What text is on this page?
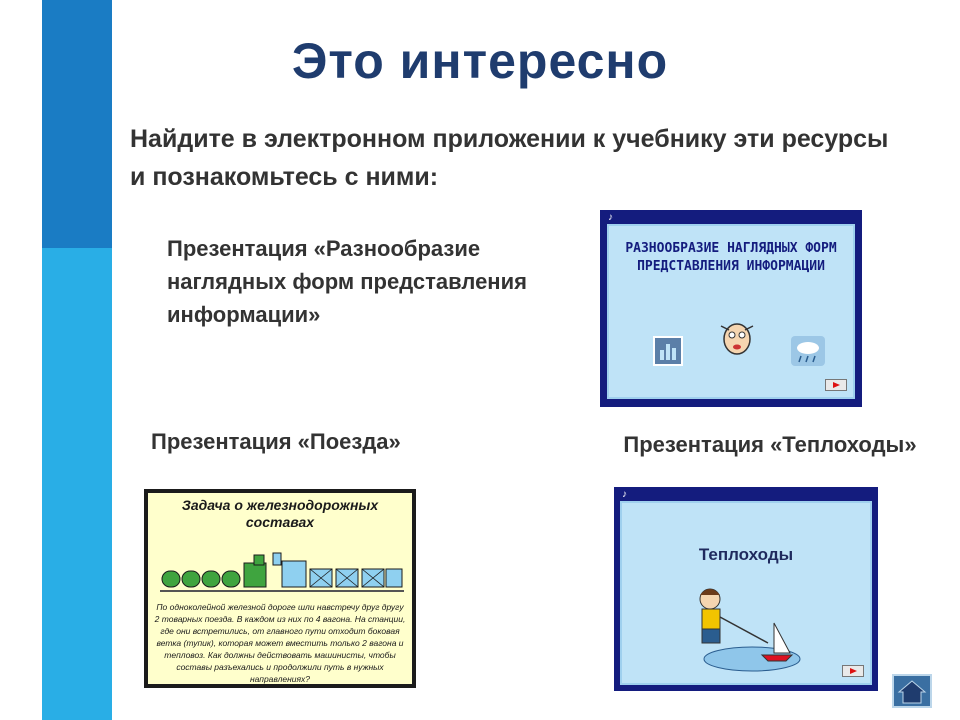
Это интересно
Найдите в электронном приложении к учебнику эти ресурсы и познакомьтесь с ними:
Презентация «Разнообразие наглядных форм представления информации»
Презентация «Поезда»	Презентация «Теплоходы»
♪
РАЗНООБРАЗИЕ НАГЛЯДНЫХ ФОРМ ПРЕДСТАВЛЕНИЯ ИНФОРМАЦИИ
Задача о железнодорожных составах
По одноколейной железной дороге шли навстречу друг другу 2 товарных поезда. В каждом из них по 4 вагона. На станции, где они встретились, от главного пути отходит боковая ветка (тупик), которая может вместить только 2 вагона и тепловоз. Как должны действовать машинисты, чтобы составы разъехались и продолжили путь в нужных направлениях?
♪
Теплоходы
